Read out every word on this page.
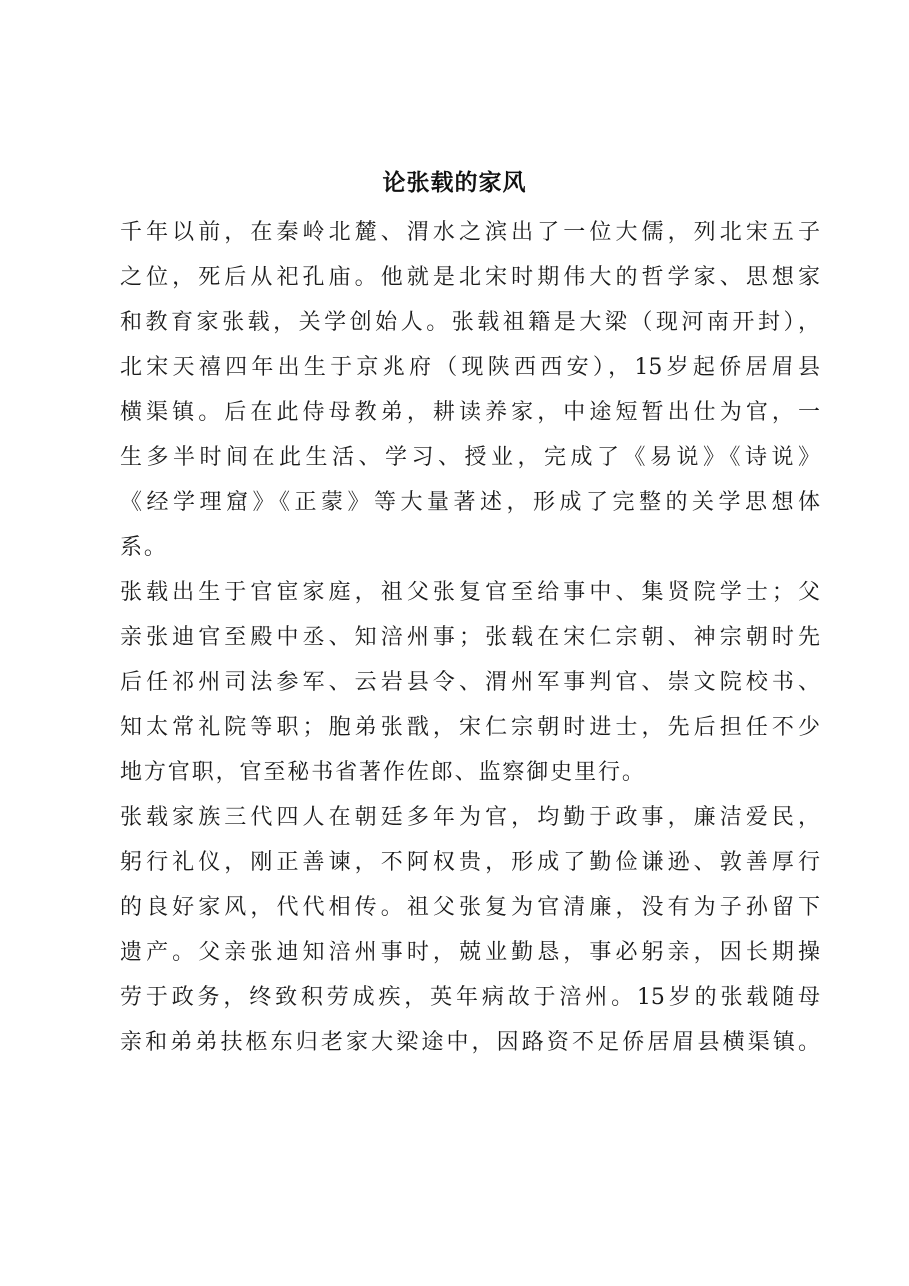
论张载的家风
千年以前，在秦岭北麓、渭水之滨出了一位大儒，列北宋五子
之位，死后从祀孔庙。他就是北宋时期伟大的哲学家、思想家
和教育家张载，关学创始人。张载祖籍是大梁（现河南开封），
北宋天禧四年出生于京兆府（现陕西西安），15岁起侨居眉县
横渠镇。后在此侍母教弟，耕读养家，中途短暂出仕为官，一
生多半时间在此生活、学习、授业，完成了《易说》《诗说》
《经学理窟》《正蒙》等大量著述，形成了完整的关学思想体
系。
张载出生于官宦家庭，祖父张复官至给事中、集贤院学士；父
亲张迪官至殿中丞、知涪州事；张载在宋仁宗朝、神宗朝时先
后任祁州司法参军、云岩县令、渭州军事判官、崇文院校书、
知太常礼院等职；胞弟张戬，宋仁宗朝时进士，先后担任不少
地方官职，官至秘书省著作佐郎、监察御史里行。
张载家族三代四人在朝廷多年为官，均勤于政事，廉洁爱民，
躬行礼仪，刚正善谏，不阿权贵，形成了勤俭谦逊、敦善厚行
的良好家风，代代相传。祖父张复为官清廉，没有为子孙留下
遗产。父亲张迪知涪州事时，兢业勤恳，事必躬亲，因长期操
劳于政务，终致积劳成疾，英年病故于涪州。15岁的张载随母
亲和弟弟扶柩东归老家大梁途中，因路资不足侨居眉县横渠镇。
